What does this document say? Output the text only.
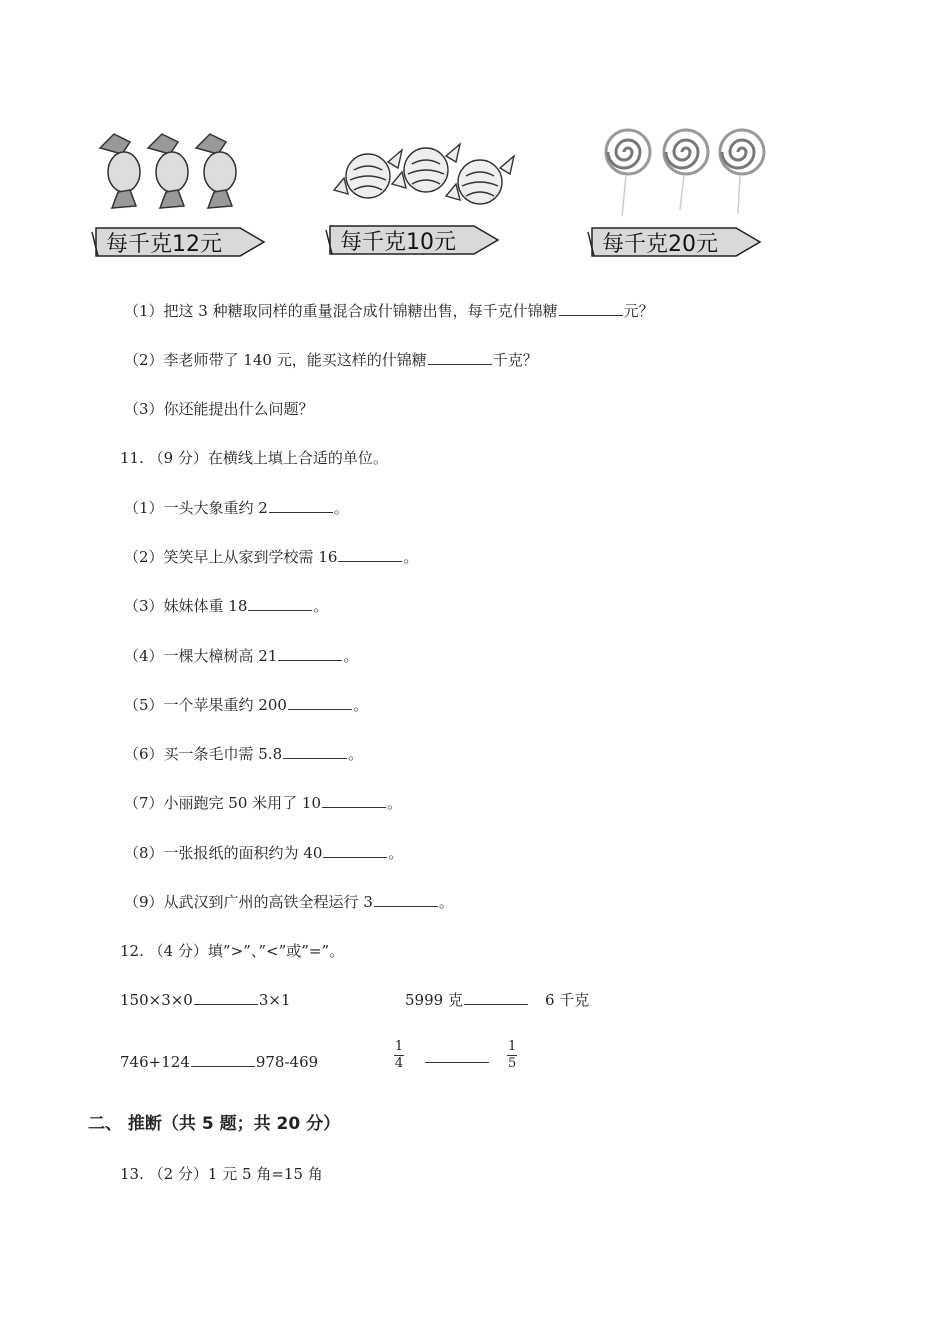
每千克12元	每千克10元	每千克20元
（1）把这 3 种糖取同样的重量混合成什锦糖出售，每千克什锦糖	元？
（2）李老师带了 140 元，能买这样的什锦糖	千克？
（3）你还能提出什么问题？
11. （9 分）在横线上填上合适的单位。
（1）一头大象重约 2	。
（2）笑笑早上从家到学校需 16	。
（3）妹妹体重 18	。
（4）一棵大樟树高 21	。
（5）一个苹果重约 200	。
（6）买一条毛巾需 5.8	。
（7）小丽跑完 50 米用了 10	。
（8）一张报纸的面积约为 40	。
（9）从武汉到广州的高铁全程运行 3	。
12. （4 分）填”>”、”<”或”=”。
150×3×0	3×1	5999 克	6 千克
746+124	978-469	$\frac{1}{4}$
	$\frac{1}{5}$
二、 推断（共 5 题；共 20 分）
13. （2 分）1 元 5 角=15 角
